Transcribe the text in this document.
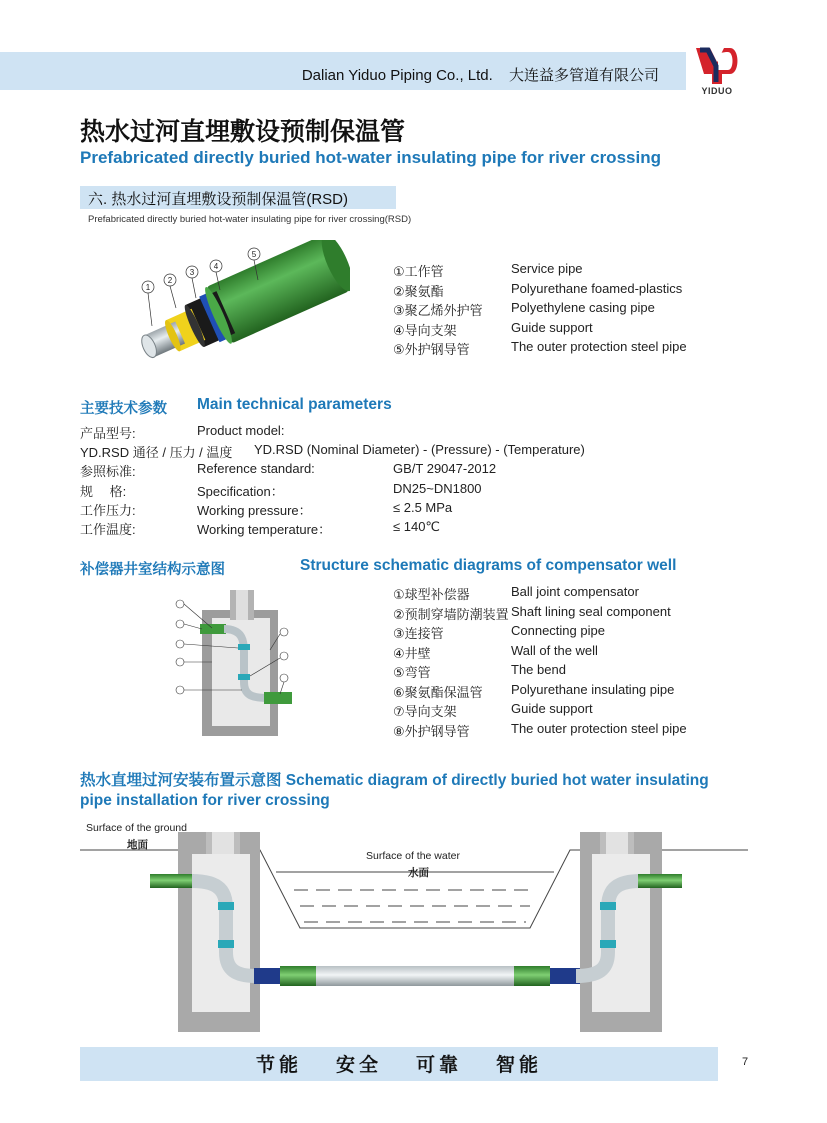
Dalian Yiduo Piping Co., Ltd. 大连益多管道有限公司
YIDUO
热水过河直埋敷设预制保温管
Prefabricated directly buried hot-water insulating pipe for river crossing
六. 热水过河直埋敷设预制保温管(RSD)
Prefabricated directly buried hot-water insulating pipe for river crossing(RSD)
1
2
3
4
5
①工作管	Service pipe
②聚氨酯	Polyurethane foamed-plastics
③聚乙烯外护管 Polyethylene casing pipe
④导向支架	Guide support
⑤外护钢导管	The outer protection steel pipe
主要技术参数 Main technical parameters
产品型号:	Product model:
YD.RSD 通径 / 压力 / 温度 YD.RSD (Nominal Diameter) - (Pressure) - (Temperature)
参照标准:	Reference standard:	GB/T 29047-2012
规　 格:	Specification：	DN25~DN1800
工作压力:	Working pressure：	≤ 2.5 MPa
工作温度:	Working temperature：	≤ 140℃
补偿器井室结构示意图	Structure schematic diagrams of compensator well
①球型补偿器	Ball joint compensator
②预制穿墙防潮装置 Shaft lining seal component
③连接管	Connecting pipe
④井壁	Wall of the well
⑤弯管	The bend
⑥聚氨酯保温管 Polyurethane insulating pipe
⑦导向支架	Guide support
⑧外护钢导管	The outer protection steel pipe
热水直埋过河安装布置示意图 Schematic diagram of directly buried hot water insulating
pipe installation for river crossing
Surface of the ground
地面
Surface of the water
水面
节能 安全 可靠 智能	7
